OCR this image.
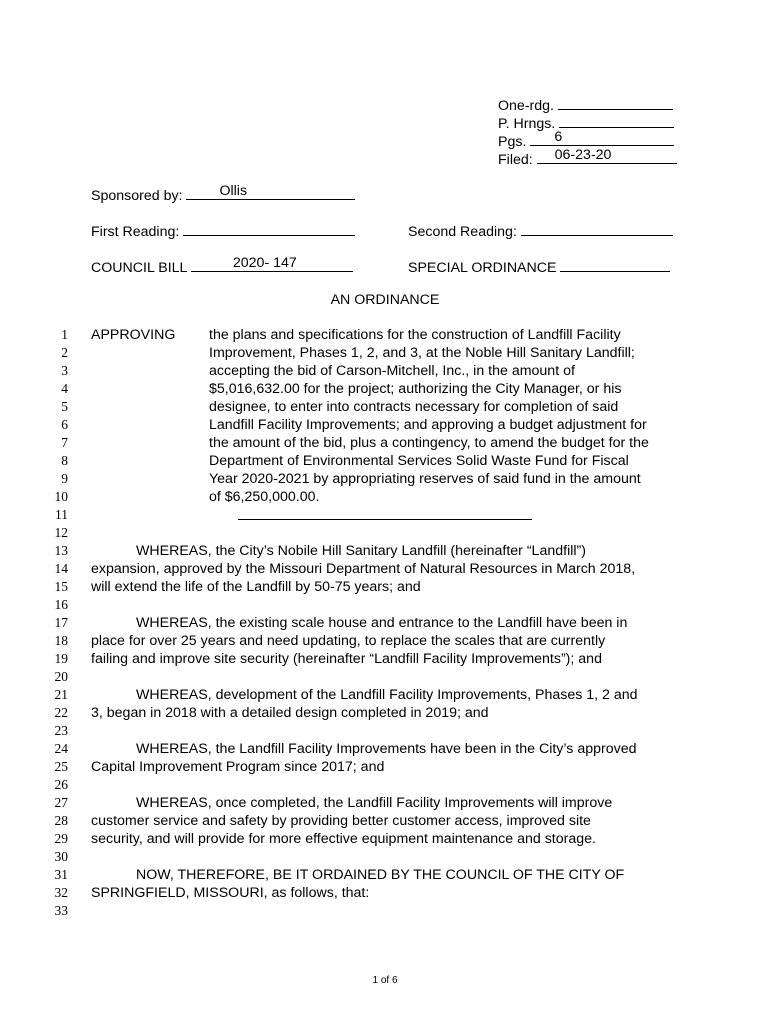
One-rdg.
P. Hrngs.
Pgs. 6
Filed: 06-23-20
Sponsored by:	Ollis
First Reading:	Second Reading:
COUNCIL BILL	2020- 147	SPECIAL ORDINANCE
AN ORDINANCE
1
2
3
4
5
6
7
8
9
10
11
12
13
14
15
16
17
18
19
20
21
22
23
24
25
26
27
28
29
30
31
32
33
APPROVING the plans and specifications for the construction of Landfill Facility
Improvement, Phases 1, 2, and 3, at the Noble Hill Sanitary Landfill;
accepting the bid of Carson-Mitchell, Inc., in the amount of
$5,016,632.00 for the project; authorizing the City Manager, or his
designee, to enter into contracts necessary for completion of said
Landfill Facility Improvements; and approving a budget adjustment for
the amount of the bid, plus a contingency, to amend the budget for the
Department of Environmental Services Solid Waste Fund for Fiscal
Year 2020-2021 by appropriating reserves of said fund in the amount
of $6,250,000.00.
WHEREAS, the City’s Nobile Hill Sanitary Landfill (hereinafter “Landfill”)
expansion, approved by the Missouri Department of Natural Resources in March 2018,
will extend the life of the Landfill by 50-75 years; and
WHEREAS, the existing scale house and entrance to the Landfill have been in
place for over 25 years and need updating, to replace the scales that are currently
failing and improve site security (hereinafter “Landfill Facility Improvements”); and
WHEREAS, development of the Landfill Facility Improvements, Phases 1, 2 and
3, began in 2018 with a detailed design completed in 2019; and
WHEREAS, the Landfill Facility Improvements have been in the City’s approved
Capital Improvement Program since 2017; and
WHEREAS, once completed, the Landfill Facility Improvements will improve
customer service and safety by providing better customer access, improved site
security, and will provide for more effective equipment maintenance and storage.
NOW, THEREFORE, BE IT ORDAINED BY THE COUNCIL OF THE CITY OF
SPRINGFIELD, MISSOURI, as follows, that:
1 of 6
